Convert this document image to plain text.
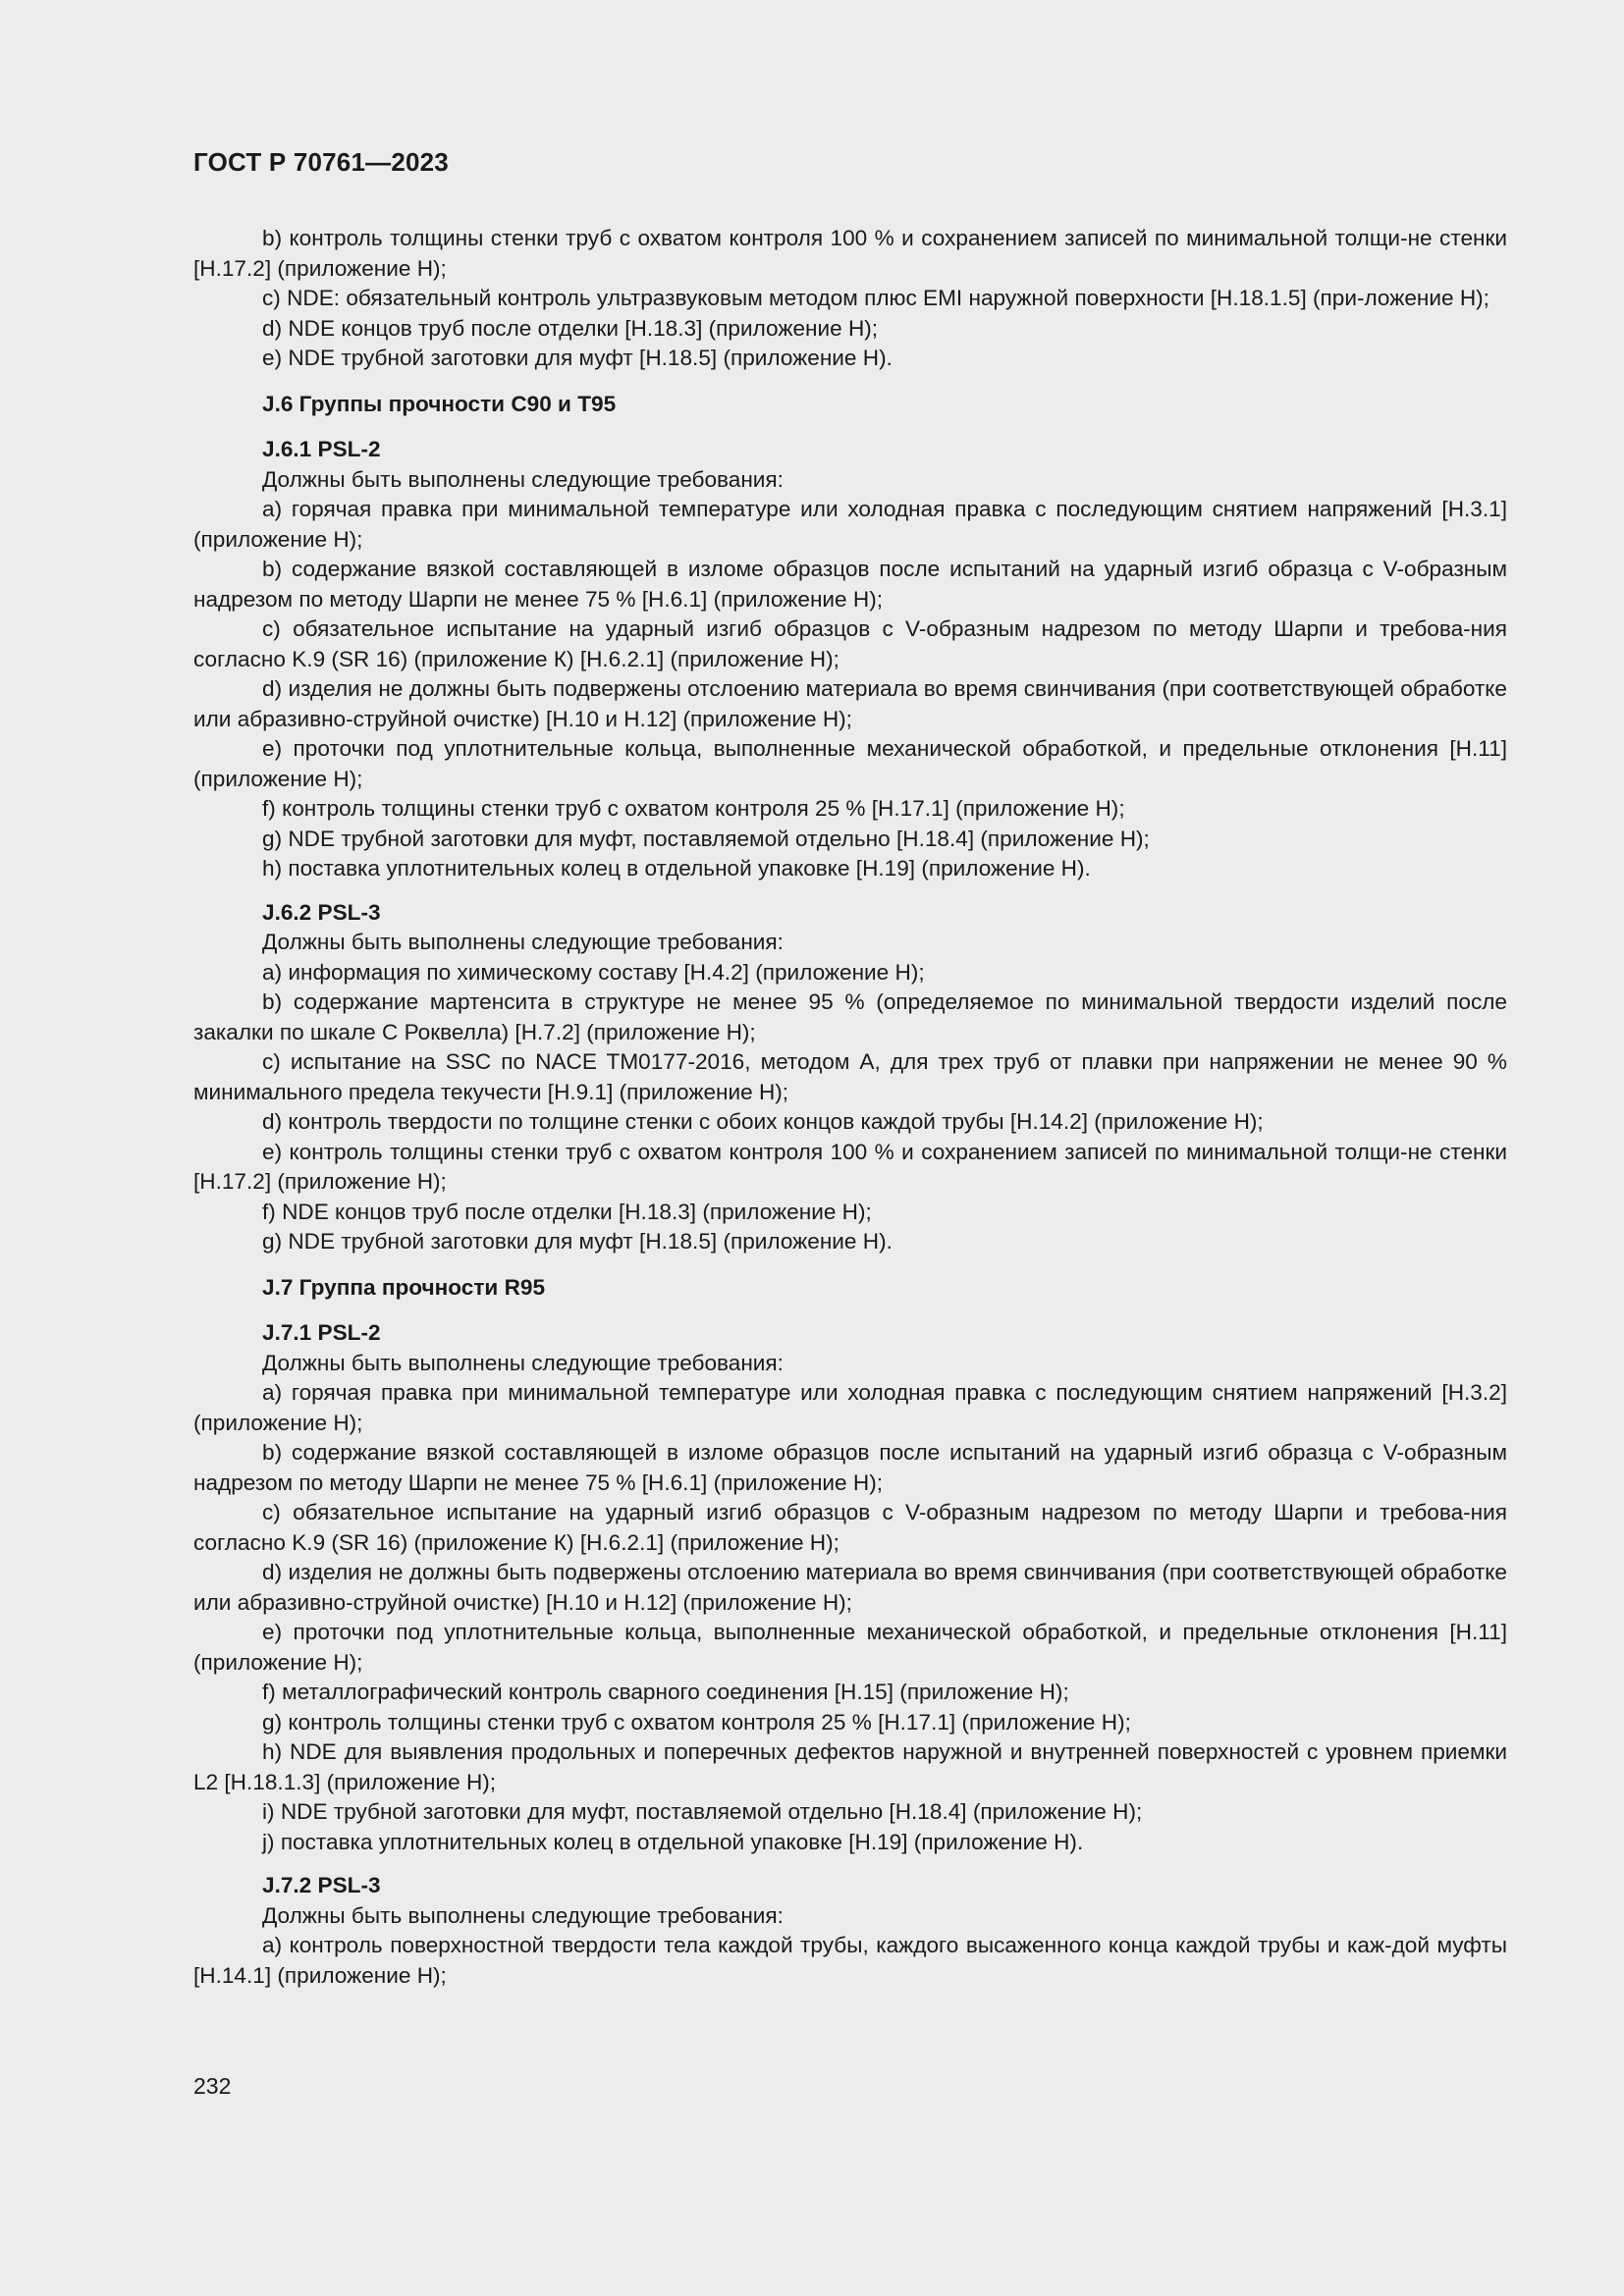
ГОСТ Р 70761—2023

b) контроль толщины стенки труб с охватом контроля 100 % и сохранением записей по минимальной толщи-не стенки [H.17.2] (приложение Н);

c) NDE: обязательный контроль ультразвуковым методом плюс EMI наружной поверхности [H.18.1.5] (при-ложение Н);

d) NDE концов труб после отделки [H.18.3] (приложение Н);

e) NDE трубной заготовки для муфт [H.18.5] (приложение Н).

J.6 Группы прочности С90 и Т95
J.6.1 PSL-2

Должны быть выполнены следующие требования:

a) горячая правка при минимальной температуре или холодная правка с последующим снятием напряжений [H.3.1] (приложение Н);

b) содержание вязкой составляющей в изломе образцов после испытаний на ударный изгиб образца с V-образным надрезом по методу Шарпи не менее 75 % [H.6.1] (приложение Н);

c) обязательное испытание на ударный изгиб образцов с V-образным надрезом по методу Шарпи и требова-ния согласно K.9 (SR 16) (приложение К) [H.6.2.1] (приложение Н);

d) изделия не должны быть подвержены отслоению материала во время свинчивания (при соответствующей обработке или абразивно-струйной очистке) [H.10 и H.12] (приложение Н);

e) проточки под уплотнительные кольца, выполненные механической обработкой, и предельные отклонения [H.11] (приложение Н);

f) контроль толщины стенки труб с охватом контроля 25 % [H.17.1] (приложение Н);

g) NDE трубной заготовки для муфт, поставляемой отдельно [H.18.4] (приложение Н);

h) поставка уплотнительных колец в отдельной упаковке [H.19] (приложение Н).

J.6.2 PSL-3

Должны быть выполнены следующие требования:

a) информация по химическому составу [H.4.2] (приложение Н);

b) содержание мартенсита в структуре не менее 95 % (определяемое по минимальной твердости изделий после закалки по шкале С Роквелла) [H.7.2] (приложение Н);

c) испытание на SSC по NACE TM0177-2016, методом А, для трех труб от плавки при напряжении не менее 90 % минимального предела текучести [H.9.1] (приложение Н);

d) контроль твердости по толщине стенки с обоих концов каждой трубы [H.14.2] (приложение Н);

e) контроль толщины стенки труб с охватом контроля 100 % и сохранением записей по минимальной толщи-не стенки [H.17.2] (приложение Н);

f) NDE концов труб после отделки [H.18.3] (приложение Н);

g) NDE трубной заготовки для муфт [H.18.5] (приложение Н).

J.7 Группа прочности R95
J.7.1 PSL-2

Должны быть выполнены следующие требования:

a) горячая правка при минимальной температуре или холодная правка с последующим снятием напряжений [H.3.2] (приложение Н);

b) содержание вязкой составляющей в изломе образцов после испытаний на ударный изгиб образца с V-образным надрезом по методу Шарпи не менее 75 % [H.6.1] (приложение Н);

c) обязательное испытание на ударный изгиб образцов с V-образным надрезом по методу Шарпи и требова-ния согласно K.9 (SR 16) (приложение К) [H.6.2.1] (приложение Н);

d) изделия не должны быть подвержены отслоению материала во время свинчивания (при соответствующей обработке или абразивно-струйной очистке) [H.10 и H.12] (приложение Н);

e) проточки под уплотнительные кольца, выполненные механической обработкой, и предельные отклонения [H.11] (приложение Н);

f) металлографический контроль сварного соединения [H.15] (приложение Н);

g) контроль толщины стенки труб с охватом контроля 25 % [H.17.1] (приложение Н);

h) NDE для выявления продольных и поперечных дефектов наружной и внутренней поверхностей с уровнем приемки L2 [H.18.1.3] (приложение Н);

i) NDE трубной заготовки для муфт, поставляемой отдельно [H.18.4] (приложение Н);

j) поставка уплотнительных колец в отдельной упаковке [H.19] (приложение Н).

J.7.2 PSL-3

Должны быть выполнены следующие требования:

a) контроль поверхностной твердости тела каждой трубы, каждого высаженного конца каждой трубы и каж-дой муфты [H.14.1] (приложение Н);

232
